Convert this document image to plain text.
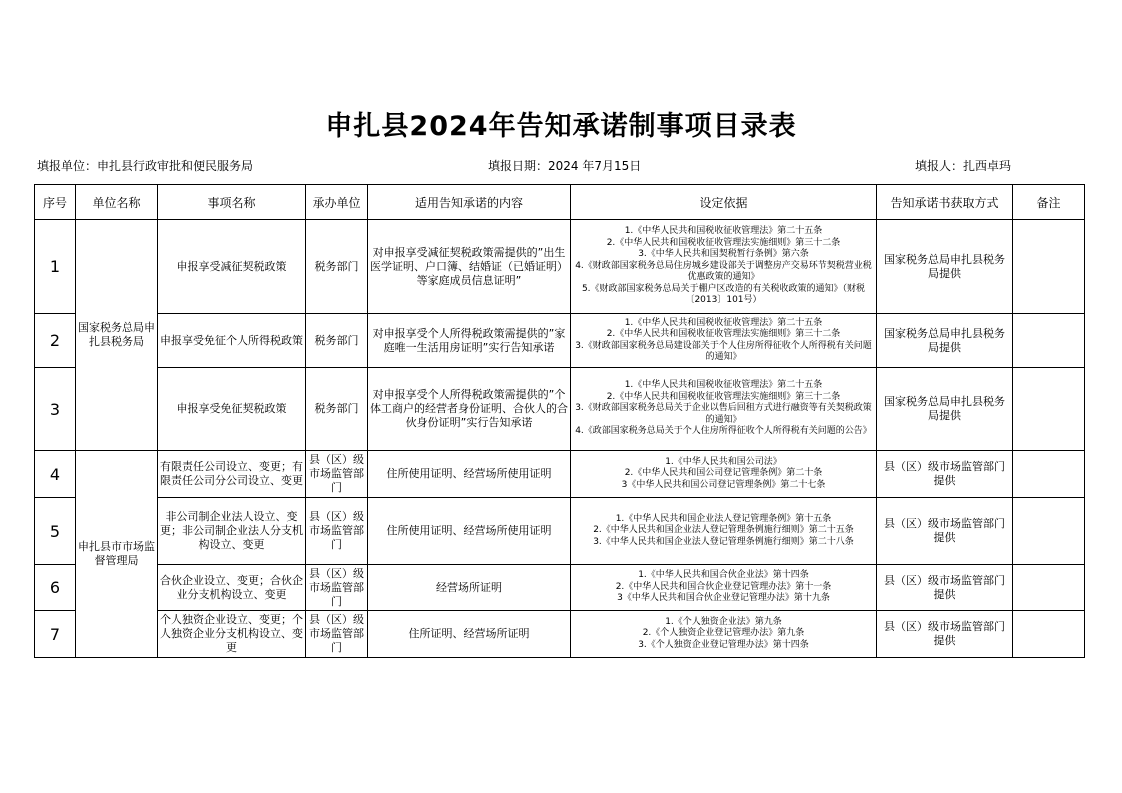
申扎县2024年告知承诺制事项目录表
填报单位：申扎县行政审批和便民服务局	填报日期：2024 年7月15日	填报人：扎西卓玛
序号	单位名称	事项名称	承办单位	适用告知承诺的内容	设定依据	告知承诺书获取方式	备注
1	国家税务总局申扎县税务局	申报享受减征契税政策	税务部门	对申报享受减征契税政策需提供的”出生医学证明、户口簿、结婚证（已婚证明）等家庭成员信息证明”	1.《中华人民共和国税收征收管理法》第二十五条
2.《中华人民共和国税收征收管理法实施细则》第三十二条
3.《中华人民共和国契税暂行条例》第六条
4.《财政部国家税务总局住房城乡建设部关于调整房产交易环节契税营业税优惠政策的通知》
5.《财政部国家税务总局关于棚户区改造的有关税收政策的通知》（财税〔2013〕101号）	国家税务总局申扎县税务局提供	
2		申报享受免征个人所得税政策	税务部门	对申报享受个人所得税政策需提供的”家庭唯一生活用房证明”实行告知承诺	1.《中华人民共和国税收征收管理法》第二十五条
2.《中华人民共和国税收征收管理法实施细则》第三十二条
3.《财政部国家税务总局建设部关于个人住房所得征收个人所得税有关问题的通知》	国家税务总局申扎县税务局提供	
3		申报享受免征契税政策	税务部门	对申报享受个人所得税政策需提供的”个体工商户的经营者身份证明、合伙人的合伙身份证明”实行告知承诺	1.《中华人民共和国税收征收管理法》第二十五条
2.《中华人民共和国税收征收管理法实施细则》第三十二条
3.《财政部国家税务总局关于企业以售后回租方式进行融资等有关契税政策的通知》
4.《政部国家税务总局关于个人住房所得征收个人所得税有关问题的公告》	国家税务总局申扎县税务局提供	
4	申扎县市市场监督管理局	有限责任公司设立、变更；有限责任公司分公司设立、变更	县（区）级市场监管部门	住所使用证明、经营场所使用证明	1.《中华人民共和国公司法》
2.《中华人民共和国公司登记管理条例》第二十条
3《中华人民共和国公司登记管理条例》第二十七条	县（区）级市场监管部门提供	
5		非公司制企业法人设立、变更；非公司制企业法人分支机构设立、变更	县（区）级市场监管部门	住所使用证明、经营场所使用证明	1.《中华人民共和国企业法人登记管理条例》第十五条
2.《中华人民共和国企业法人登记管理条例施行细则》第二十五条
3.《中华人民共和国企业法人登记管理条例施行细则》第二十八条	县（区）级市场监管部门提供	
6		合伙企业设立、变更；合伙企业分支机构设立、变更	县（区）级市场监管部门	经营场所证明	1.《中华人民共和国合伙企业法》第十四条
2.《中华人民共和国合伙企业登记管理办法》第十一条
3《中华人民共和国合伙企业登记管理办法》第十九条	县（区）级市场监管部门提供	
7		个人独资企业设立、变更；个人独资企业分支机构设立、变更	县（区）级市场监管部门	住所证明、经营场所证明	1.《个人独资企业法》第九条
2.《个人独资企业登记管理办法》第九条
3.《个人独资企业登记管理办法》第十四条	县（区）级市场监管部门提供	
